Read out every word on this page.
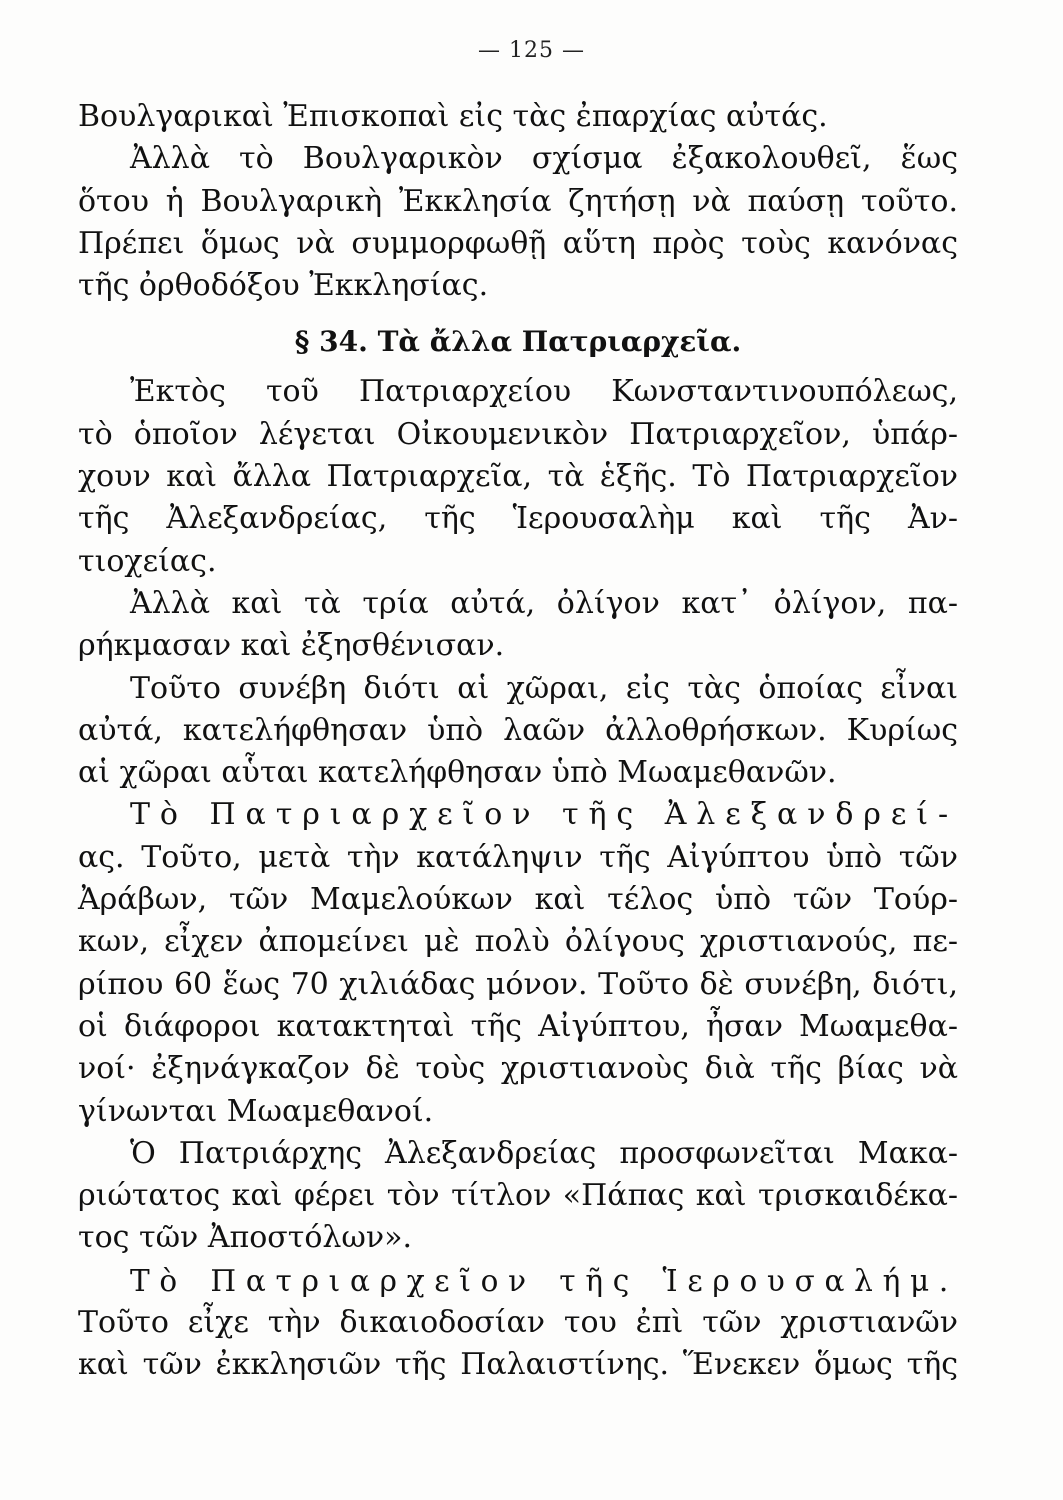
— 125 —
Βουλγαρικαὶ Ἐπισκοπαὶ εἰς τὰς ἐπαρχίας αὐτάς.
Ἀλλὰ τὸ Βουλγαρικὸν σχίσμα ἐξακολουθεῖ, ἕως
ὅτου ἡ Βουλγαρικὴ Ἐκκλησία ζητήσῃ νὰ παύσῃ τοῦτο.
Πρέπει ὅμως νὰ συμμορφωθῇ αὕτη πρὸς τοὺς κανόνας
τῆς ὀρθοδόξου Ἐκκλησίας.
§ 34. Τὰ ἄλλα Πατριαρχεῖα.
Ἐκτὸς τοῦ Πατριαρχείου Κωνσταντινουπόλεως,
τὸ ὁποῖον λέγεται Οἰκουμενικὸν Πατριαρχεῖον, ὑπάρ-
χουν καὶ ἄλλα Πατριαρχεῖα, τὰ ἑξῆς. Τὸ Πατριαρχεῖον
τῆς Ἀλεξανδρείας, τῆς Ἱερουσαλὴμ καὶ τῆς Ἀν-
τιοχείας.
Ἀλλὰ καὶ τὰ τρία αὐτά, ὀλίγον κατ᾽ ὀλίγον, πα-
ρήκμασαν καὶ ἐξησθένισαν.
Τοῦτο συνέβη διότι αἱ χῶραι, εἰς τὰς ὁποίας εἶναι
αὐτά, κατελήφθησαν ὑπὸ λαῶν ἀλλοθρήσκων. Κυρίως
αἱ χῶραι αὗται κατελήφθησαν ὑπὸ Μωαμεθανῶν.
Τὸ Πατριαρχεῖον τῆς Ἀλεξανδρεί-
ας. Τοῦτο, μετὰ τὴν κατάληψιν τῆς Αἰγύπτου ὑπὸ τῶν
Ἀράβων, τῶν Μαμελούκων καὶ τέλος ὑπὸ τῶν Τούρ-
κων, εἶχεν ἀπομείνει μὲ πολὺ ὀλίγους χριστιανούς, πε-
ρίπου 60 ἕως 70 χιλιάδας μόνον. Τοῦτο δὲ συνέβη, διότι,
οἱ διάφοροι κατακτηταὶ τῆς Αἰγύπτου, ἦσαν Μωαμεθα-
νοί· ἐξηνάγκαζον δὲ τοὺς χριστιανοὺς διὰ τῆς βίας νὰ
γίνωνται Μωαμεθανοί.
Ὁ Πατριάρχης Ἀλεξανδρείας προσφωνεῖται Μακα-
ριώτατος καὶ φέρει τὸν τίτλον «Πάπας καὶ τρισκαιδέκα-
τος τῶν Ἀποστόλων».
Τὸ Πατριαρχεῖον τῆς Ἱερουσαλήμ.
Τοῦτο εἶχε τὴν δικαιοδοσίαν του ἐπὶ τῶν χριστιανῶν
καὶ τῶν ἐκκλησιῶν τῆς Παλαιστίνης. Ἕνεκεν ὅμως τῆς
